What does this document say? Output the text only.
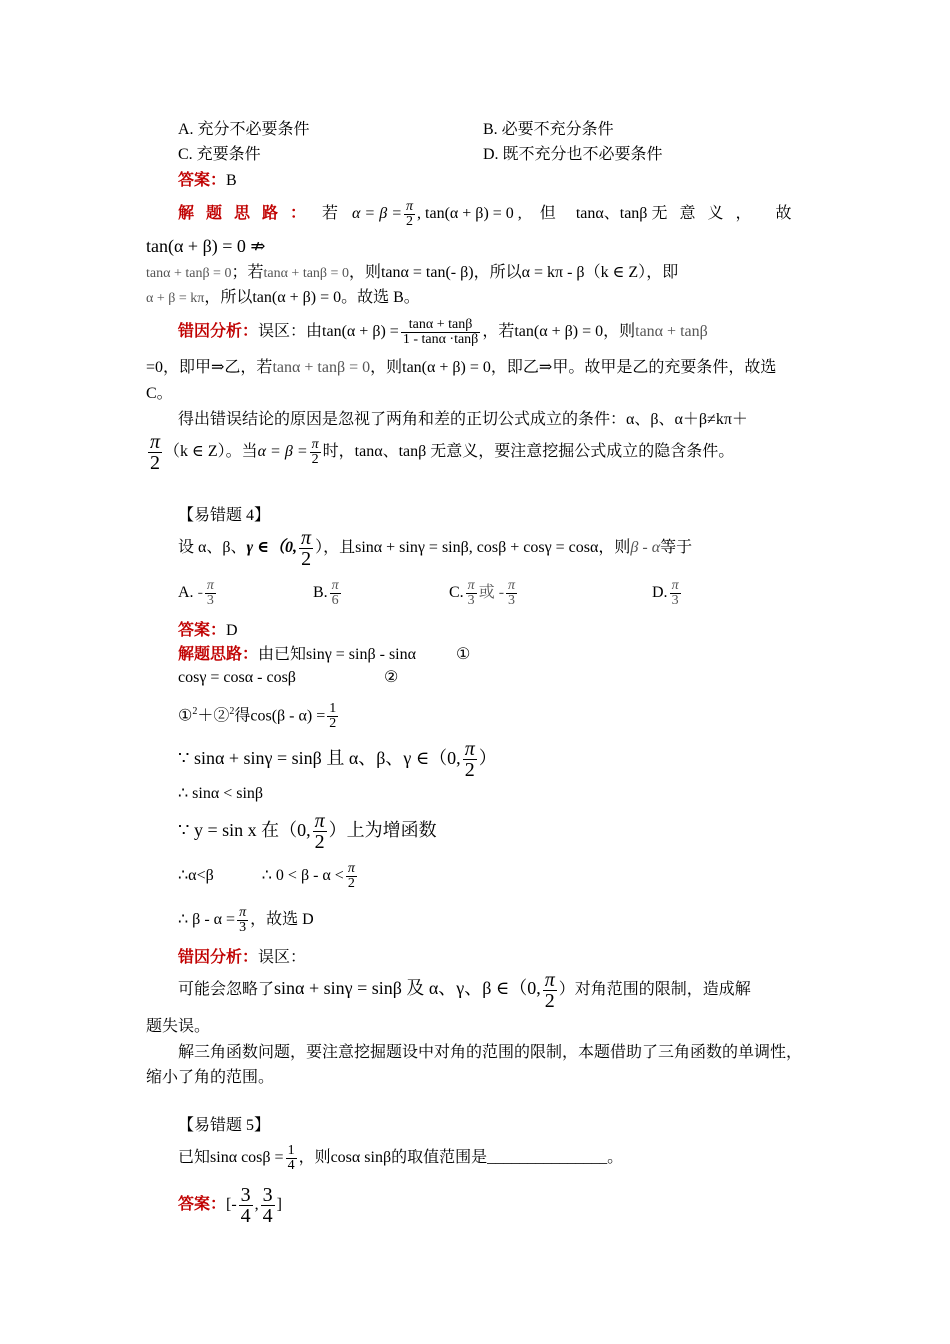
A. 充分不必要条件	B. 必要不充分条件
C. 充要条件	D. 既不充分也不必要条件
答案：B
解题思路： 若 $\alpha = \beta = \frac{\pi}{2}$ , tan(α + β) = 0 , 但 tanα、tanβ 无意义， 故
tan(α + β) = 0 ⇏
tanα + tanβ = 0；若tanα + tanβ = 0，则tanα = tan(- β)，所以α = kπ - β（k ∈ Z），即
α + β = kπ，所以tan(α + β) = 0。故选 B。
错因分析：误区：由$\tan(\alpha + \beta) = \frac{\tan\alpha + \tan\beta}{1 - \tan\alpha \cdot\tan\beta}$ ，若tan(α + β) = 0，则tanα + tanβ
=0，即甲⇒乙，若tanα + tanβ = 0，则tan(α + β) = 0，即乙⇒甲。故甲是乙的充要条件，故选
C。
得出错误结论的原因是忽视了两角和差的正切公式成立的条件：α、β、α＋β≠kπ＋
$\frac{\pi}{2} (k$ ∈ Z）。当$\alpha = \beta = \frac{\pi}{2}$ 时，tanα、tanβ 无意义，要注意挖掘公式成立的隐含条件。
【易错题 4】
设 α、β、γ ∈（0, $\frac{\pi}{2}$ ），且sinα + sinγ = sinβ, cosβ + cosγ = cosα，则β - α等于
A. - $\frac{\pi}{3}$	B. $\frac{\pi}{6}$	C. $\frac{\pi}{3}$ 或 - $\frac{\pi}{3}$	D. $\frac{\pi}{3}$
答案：D
解题思路：由已知sinγ = sinβ - sinα	①
cosγ = cosα - cosβ	②
①$^2$＋②$^2$得$\cos(\beta - \alpha) = \frac{1}{2}$
∵ sinα + sinγ = sinβ 且 α、β、γ ∈（0, $\frac{\pi}{2}$ ）
∴ sinα < sinβ
∵ y = sin x 在（0, $\frac{\pi}{2}$ ）上为增函数
∴α<β	∴ $0 < \beta - \alpha < \frac{\pi}{2}$
∴ $\beta - \alpha = \frac{\pi}{3}$ ，故选 D
错因分析：误区：
可能会忽略了sinα + sinγ = sinβ 及 α、γ、β ∈（0, $\frac{\pi}{2}$ ）对角范围的限制，造成解
题失误。
解三角函数问题，要注意挖掘题设中对角的范围的限制，本题借助了三角函数的单调性，
缩小了角的范围。
【易错题 5】
已知sinα $\cos\beta = \frac{1}{4}$ ，则cosα sinβ的取值范围是_______________。
答案：[- $\frac{3}{4}$ , $\frac{3}{4}$ ]
